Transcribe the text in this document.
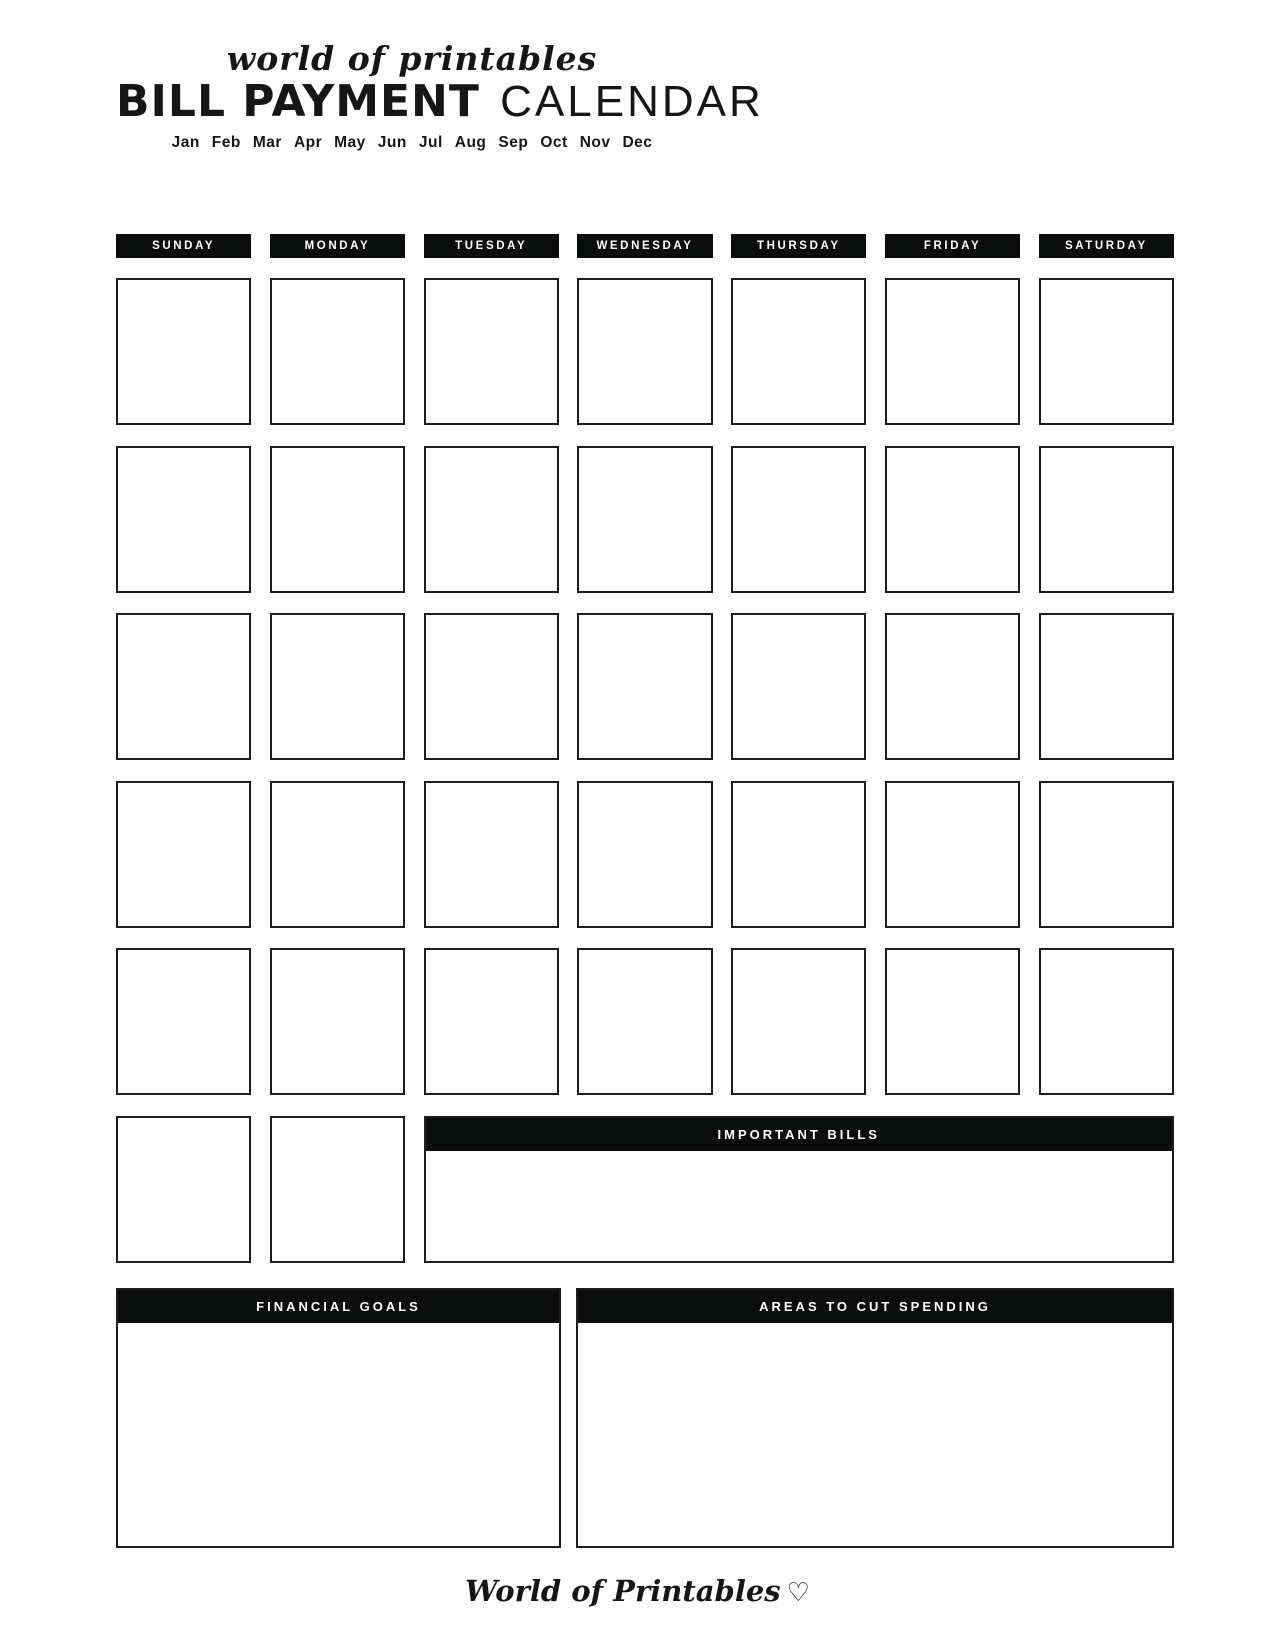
world of printables
BILL PAYMENT CALENDAR
Jan Feb Mar Apr May Jun Jul Aug Sep Oct Nov Dec
SUNDAY	MONDAY	TUESDAY	WEDNESDAY	THURSDAY	FRIDAY	SATURDAY
IMPORTANT BILLS
FINANCIAL GOALS	AREAS TO CUT SPENDING
World of Printables ♡
